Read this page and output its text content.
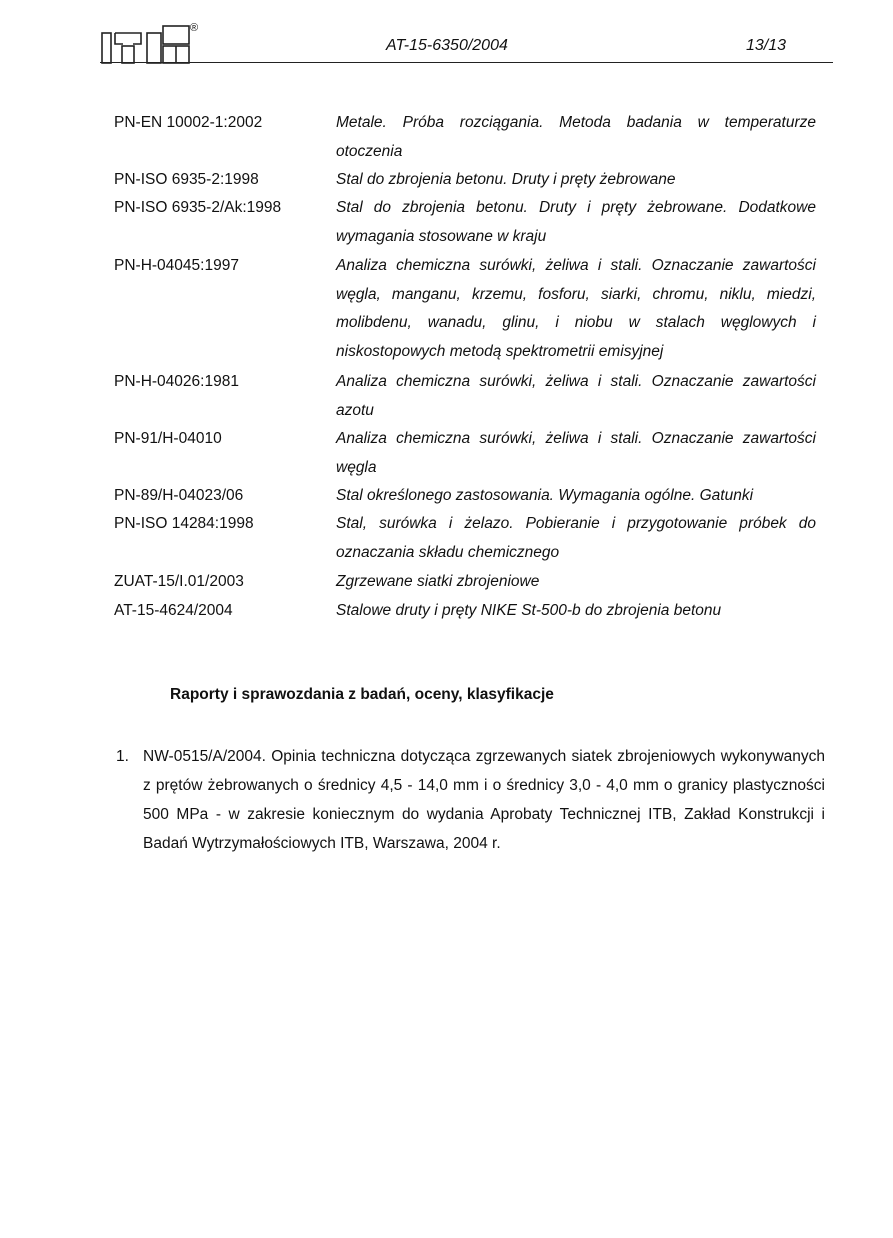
®
AT-15-6350/2004	13/13
PN-EN 10002-1:2002	Metale. Próba rozciągania. Metoda badania w temperaturze otoczenia
PN-ISO 6935-2:1998	Stal do zbrojenia betonu. Druty i pręty żebrowane
PN-ISO 6935-2/Ak:1998	Stal do zbrojenia betonu. Druty i pręty żebrowane. Dodatkowe wymagania stosowane w kraju
PN-H-04045:1997	Analiza chemiczna surówki, żeliwa i stali. Oznaczanie zawartości węgla, manganu, krzemu, fosforu, siarki, chromu, niklu, miedzi, molibdenu, wanadu, glinu, i niobu w stalach węglowych i niskostopowych metodą spektrometrii emisyjnej
PN-H-04026:1981	Analiza chemiczna surówki, żeliwa i stali. Oznaczanie zawartości azotu
PN-91/H-04010	Analiza chemiczna surówki, żeliwa i stali. Oznaczanie zawartości węgla
PN-89/H-04023/06	Stal określonego zastosowania. Wymagania ogólne. Gatunki
PN-ISO 14284:1998	Stal, surówka i żelazo. Pobieranie i przygotowanie próbek do oznaczania składu chemicznego
ZUAT-15/I.01/2003	Zgrzewane siatki zbrojeniowe
AT-15-4624/2004	Stalowe druty i pręty NIKE St-500-b do zbrojenia betonu
Raporty i sprawozdania z badań, oceny, klasyfikacje
1. NW-0515/A/2004. Opinia techniczna dotycząca zgrzewanych siatek zbrojeniowych wykonywanych z prętów żebrowanych o średnicy 4,5 - 14,0 mm i o średnicy 3,0 - 4,0 mm o granicy plastyczności 500 MPa - w zakresie koniecznym do wydania Aprobaty Technicznej ITB, Zakład Konstrukcji i Badań Wytrzymałościowych ITB, Warszawa, 2004 r.
